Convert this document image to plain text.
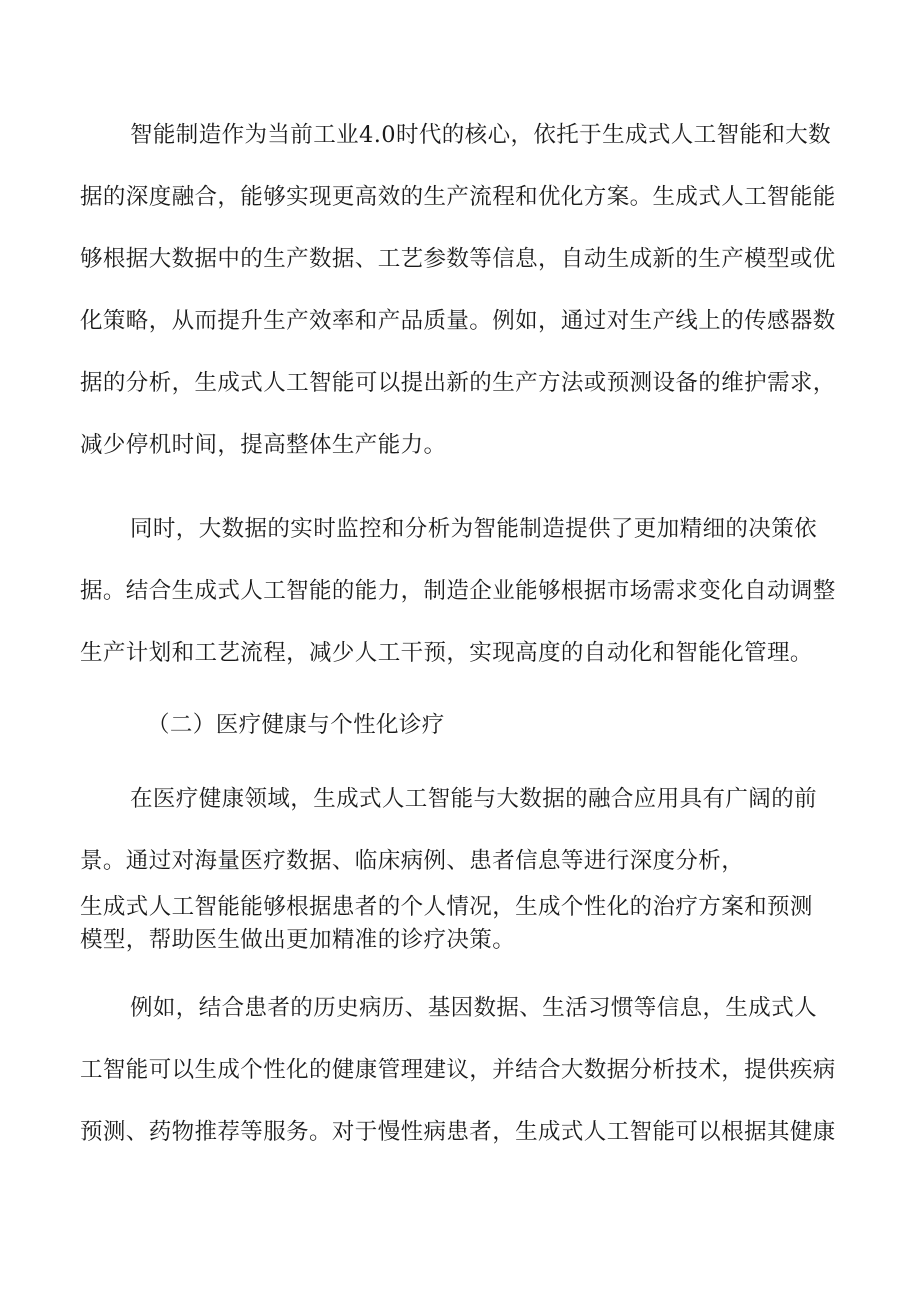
智能制造作为当前工业4.0时代的核心，依托于生成式人工智能和大数
据的深度融合，能够实现更高效的生产流程和优化方案。生成式人工智能能
够根据大数据中的生产数据、工艺参数等信息，自动生成新的生产模型或优
化策略，从而提升生产效率和产品质量。例如，通过对生产线上的传感器数
据的分析，生成式人工智能可以提出新的生产方法或预测设备的维护需求，
减少停机时间，提高整体生产能力。
同时，大数据的实时监控和分析为智能制造提供了更加精细的决策依
据。结合生成式人工智能的能力，制造企业能够根据市场需求变化自动调整
生产计划和工艺流程，减少人工干预，实现高度的自动化和智能化管理。
（二）医疗健康与个性化诊疗
在医疗健康领域，生成式人工智能与大数据的融合应用具有广阔的前
景。通过对海量医疗数据、临床病例、患者信息等进行深度分析，
生成式人工智能能够根据患者的个人情况，生成个性化的治疗方案和预测
模型，帮助医生做出更加精准的诊疗决策。
例如，结合患者的历史病历、基因数据、生活习惯等信息，生成式人
工智能可以生成个性化的健康管理建议，并结合大数据分析技术，提供疾病
预测、药物推荐等服务。对于慢性病患者，生成式人工智能可以根据其健康
